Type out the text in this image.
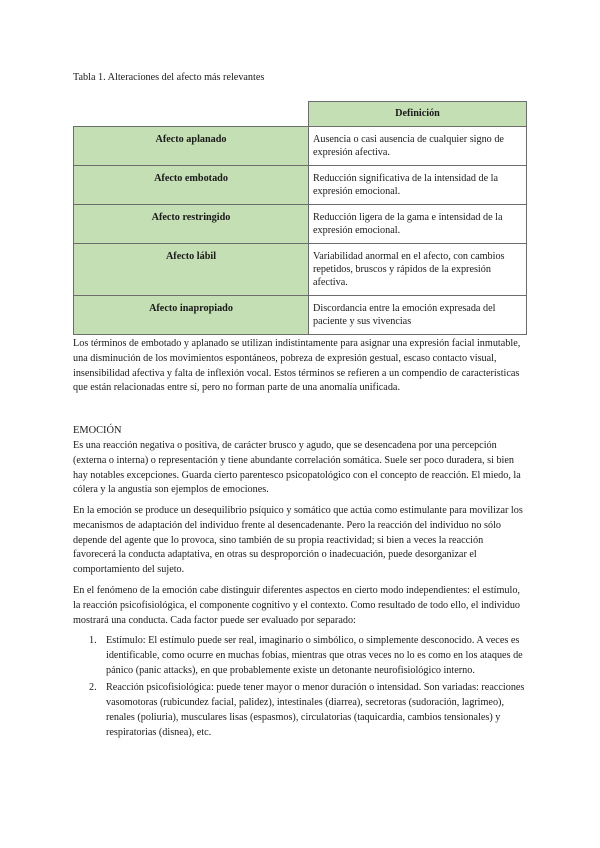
Tabla 1. Alteraciones del afecto más relevantes
	Definición
Afecto aplanado	Ausencia o casi ausencia de cualquier signo de expresión afectiva.
Afecto embotado	Reducción significativa de la intensidad de la expresión emocional.
Afecto restringido	Reducción ligera de la gama e intensidad de la expresión emocional.
Afecto lábil	Variabilidad anormal en el afecto, con cambios repetidos, bruscos y rápidos de la expresión afectiva.
Afecto inapropiado	Discordancia entre la emoción expresada del paciente y sus vivencias

Los términos de embotado y aplanado se utilizan indistintamente para asignar una expresión facial inmutable, una disminución de los movimientos espontáneos, pobreza de expresión gestual, escaso contacto visual, insensibilidad afectiva y falta de inflexión vocal. Estos términos se refieren a un compendio de características que están relacionadas entre sí, pero no forman parte de una anomalía unificada.

EMOCIÓN

Es una reacción negativa o positiva, de carácter brusco y agudo, que se desencadena por una percepción (externa o interna) o representación y tiene abundante correlación somática. Suele ser poco duradera, si bien hay notables excepciones. Guarda cierto parentesco psicopatológico con el concepto de reacción. El miedo, la cólera y la angustia son ejemplos de emociones.

En la emoción se produce un desequilibrio psíquico y somático que actúa como estimulante para movilizar los mecanismos de adaptación del individuo frente al desencadenante. Pero la reacción del individuo no sólo depende del agente que lo provoca, sino también de su propia reactividad; si bien a veces la reacción favorecerá la conducta adaptativa, en otras su desproporción o inadecuación, puede desorganizar el comportamiento del sujeto.

En el fenómeno de la emoción cabe distinguir diferentes aspectos en cierto modo independientes: el estímulo, la reacción psicofisiológica, el componente cognitivo y el contexto. Como resultado de todo ello, el individuo mostrará una conducta. Cada factor puede ser evaluado por separado:

1. Estímulo: El estímulo puede ser real, imaginario o simbólico, o simplemente desconocido. A veces es identificable, como ocurre en muchas fobias, mientras que otras veces no lo es como en los ataques de pánico (panic attacks), en que probablemente existe un detonante neurofisiológico interno.
2. Reacción psicofisiológica: puede tener mayor o menor duración o intensidad. Son variadas: reacciones vasomotoras (rubicundez facial, palidez), intestinales (diarrea), secretoras (sudoración, lagrimeo), renales (poliuria), musculares lisas (espasmos), circulatorias (taquicardia, cambios tensionales) y respiratorias (disnea), etc.
